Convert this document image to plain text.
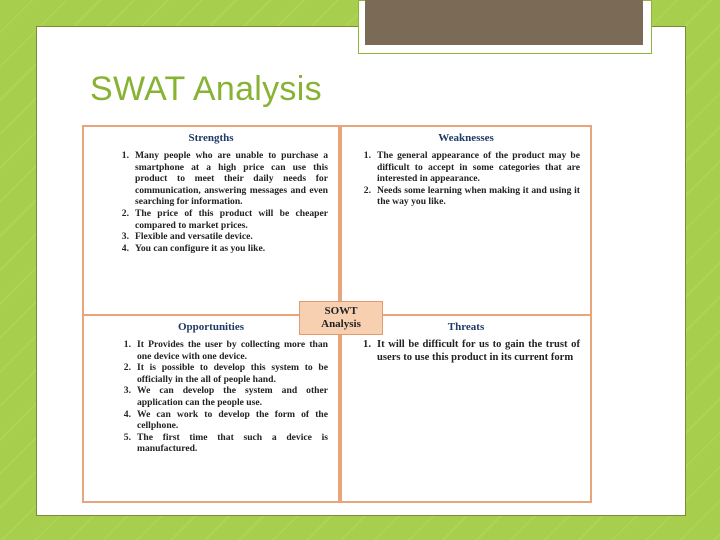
SWAT Analysis
Strengths
1. Many people who are unable to purchase a smartphone at a high price can use this product to meet their daily needs for communication, answering messages and even searching for information.
2. The price of this product will be cheaper compared to market prices.
3. Flexible and versatile device.
4. You can configure it as you like.
Weaknesses
1. The general appearance of the product may be difficult to accept in some categories that are interested in appearance.
2. Needs some learning when making it and using it the way you like.
Opportunities
1. It Provides the user by collecting more than one device with one device.
2. It is possible to develop this system to be officially in the all of people hand.
3. We can develop the system and other application can the people use.
4. We can work to develop the form of the cellphone.
5. The first time that such a device is manufactured.
Threats
1. It will be difficult for us to gain the trust of users to use this product in its current form
SOWT
Analysis
